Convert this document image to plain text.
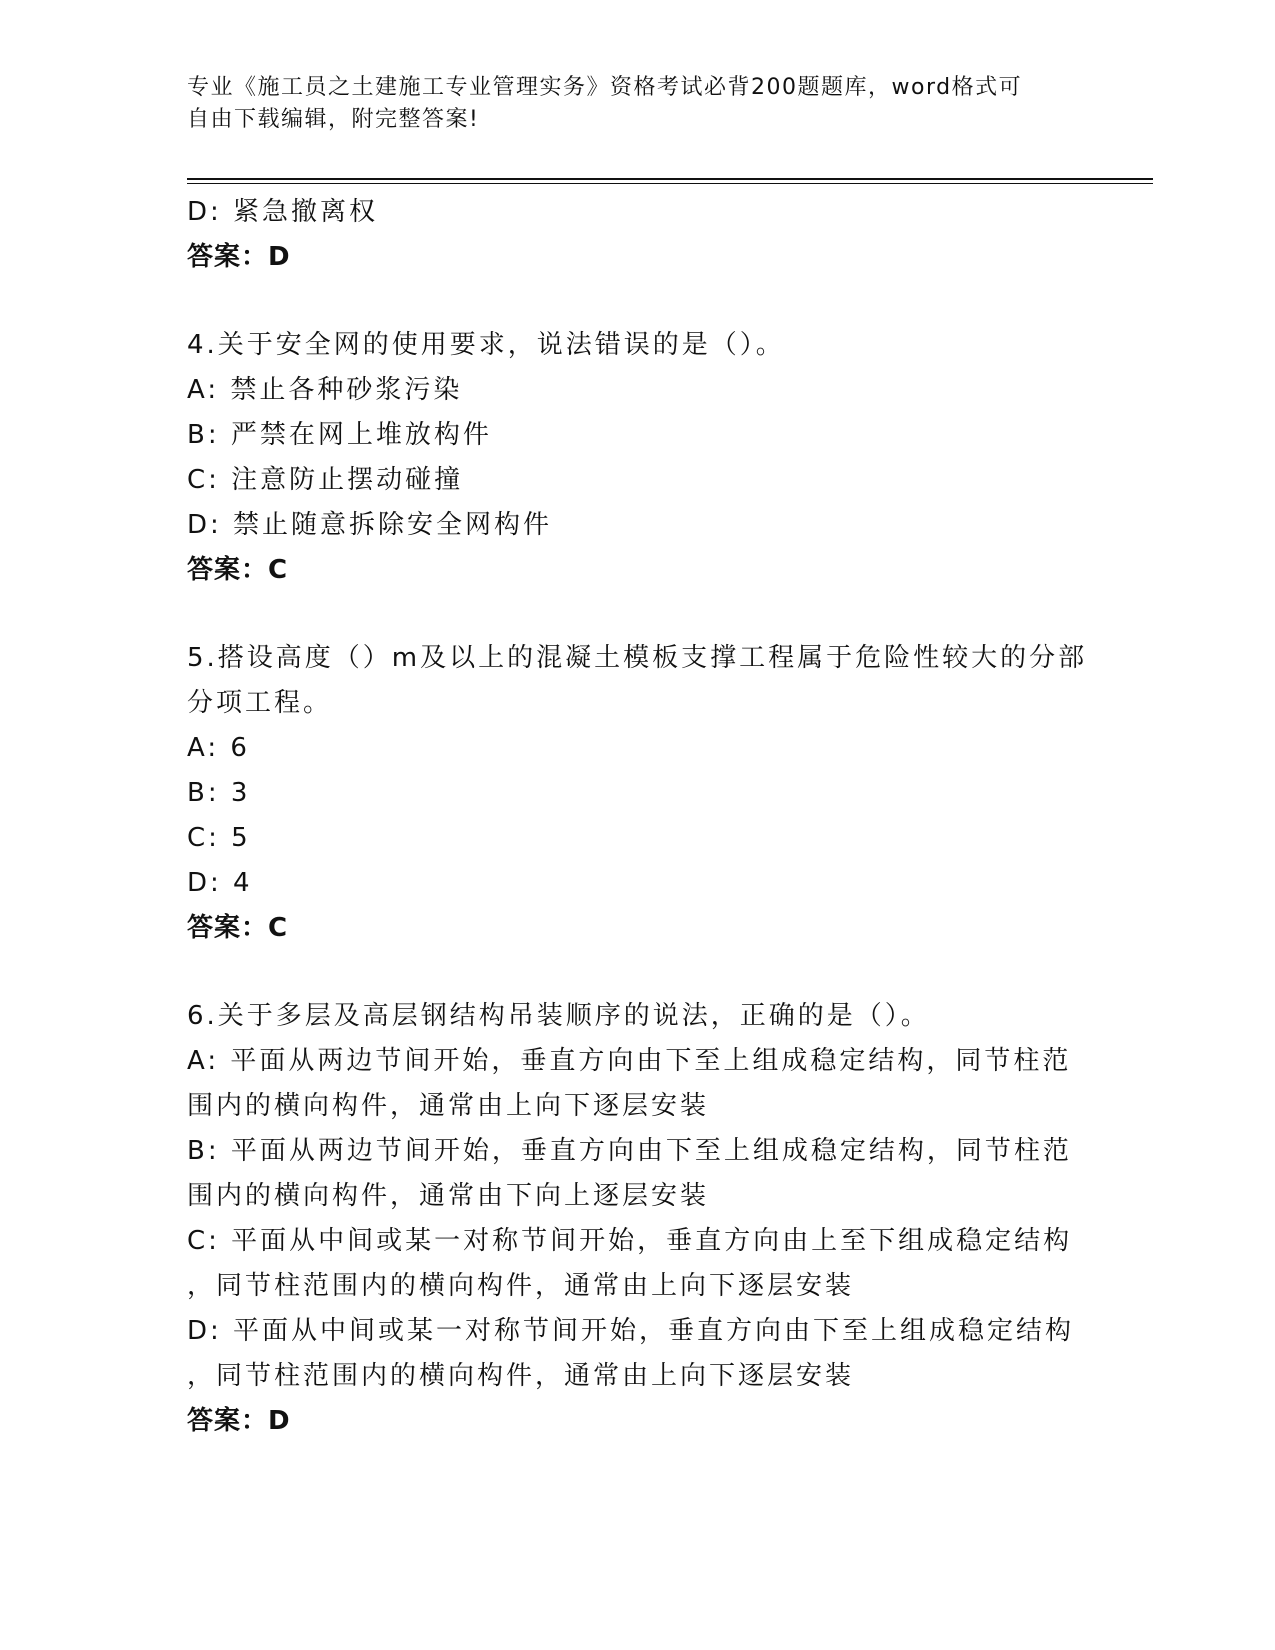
专业《施工员之土建施工专业管理实务》资格考试必背200题题库，word格式可
自由下载编辑，附完整答案!
D: 紧急撤离权
答案：D
4.关于安全网的使用要求，说法错误的是（）。
A: 禁止各种砂浆污染
B: 严禁在网上堆放构件
C: 注意防止摆动碰撞
D: 禁止随意拆除安全网构件
答案：C
5.搭设高度（）m及以上的混凝土模板支撑工程属于危险性较大的分部
分项工程。
A: 6
B: 3
C: 5
D: 4
答案：C
6.关于多层及高层钢结构吊装顺序的说法，正确的是（）。
A: 平面从两边节间开始，垂直方向由下至上组成稳定结构，同节柱范
围内的横向构件，通常由上向下逐层安装
B: 平面从两边节间开始，垂直方向由下至上组成稳定结构，同节柱范
围内的横向构件，通常由下向上逐层安装
C: 平面从中间或某一对称节间开始，垂直方向由上至下组成稳定结构
，同节柱范围内的横向构件，通常由上向下逐层安装
D: 平面从中间或某一对称节间开始，垂直方向由下至上组成稳定结构
，同节柱范围内的横向构件，通常由上向下逐层安装
答案：D
